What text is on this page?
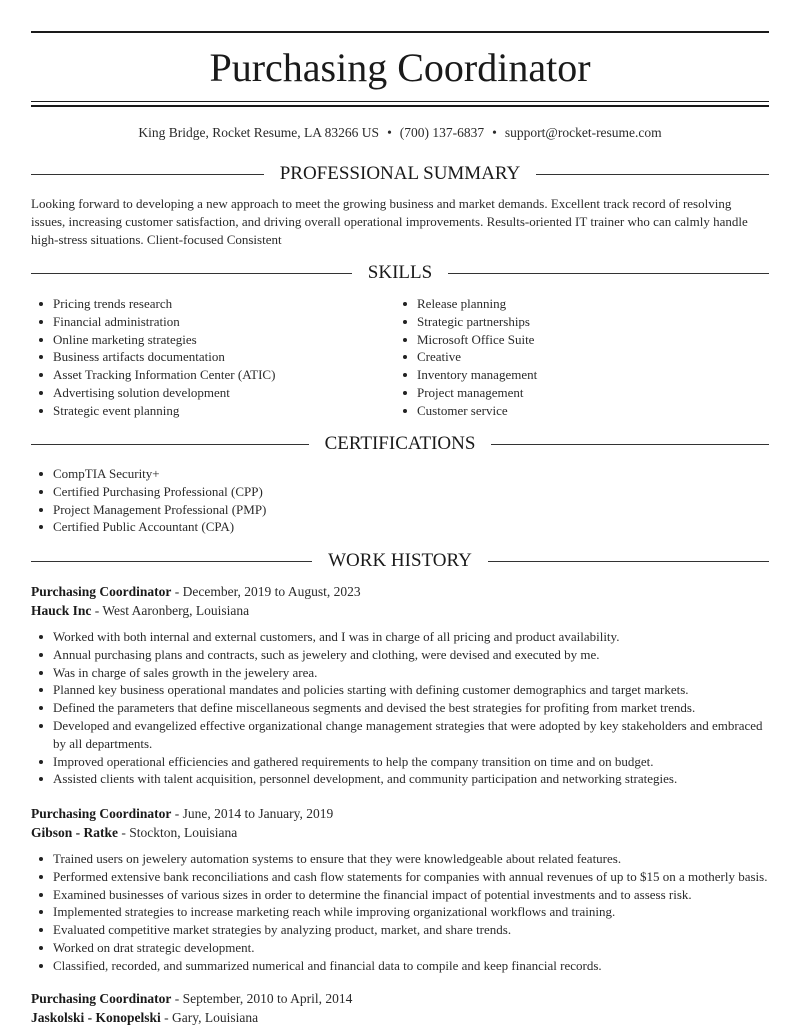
Purchasing Coordinator
King Bridge, Rocket Resume, LA 83266 US • (700) 137-6837 • support@rocket-resume.com
PROFESSIONAL SUMMARY

Looking forward to developing a new approach to meet the growing business and market demands. Excellent track record of resolving issues, increasing customer satisfaction, and driving overall operational improvements. Results-oriented IT trainer who can calmly handle high-stress situations. Client-focused Consistent

SKILLS
Pricing trends research
Financial administration
Online marketing strategies
Business artifacts documentation
Asset Tracking Information Center (ATIC)
Advertising solution development
Strategic event planning
Release planning
Strategic partnerships
Microsoft Office Suite
Creative
Inventory management
Project management
Customer service
CERTIFICATIONS
CompTIA Security+
Certified Purchasing Professional (CPP)
Project Management Professional (PMP)
Certified Public Accountant (CPA)
WORK HISTORY
Purchasing Coordinator - December, 2019 to August, 2023
Hauck Inc - West Aaronberg, Louisiana
Worked with both internal and external customers, and I was in charge of all pricing and product availability.
Annual purchasing plans and contracts, such as jewelery and clothing, were devised and executed by me.
Was in charge of sales growth in the jewelery area.
Planned key business operational mandates and policies starting with defining customer demographics and target markets.
Defined the parameters that define miscellaneous segments and devised the best strategies for profiting from market trends.
Developed and evangelized effective organizational change management strategies that were adopted by key stakeholders and embraced by all departments.
Improved operational efficiencies and gathered requirements to help the company transition on time and on budget.
Assisted clients with talent acquisition, personnel development, and community participation and networking strategies.
Purchasing Coordinator - June, 2014 to January, 2019
Gibson - Ratke - Stockton, Louisiana
Trained users on jewelery automation systems to ensure that they were knowledgeable about related features.
Performed extensive bank reconciliations and cash flow statements for companies with annual revenues of up to $15 on a motherly basis.
Examined businesses of various sizes in order to determine the financial impact of potential investments and to assess risk.
Implemented strategies to increase marketing reach while improving organizational workflows and training.
Evaluated competitive market strategies by analyzing product, market, and share trends.
Worked on drat strategic development.
Classified, recorded, and summarized numerical and financial data to compile and keep financial records.
Purchasing Coordinator - September, 2010 to April, 2014
Jaskolski - Konopelski - Gary, Louisiana
